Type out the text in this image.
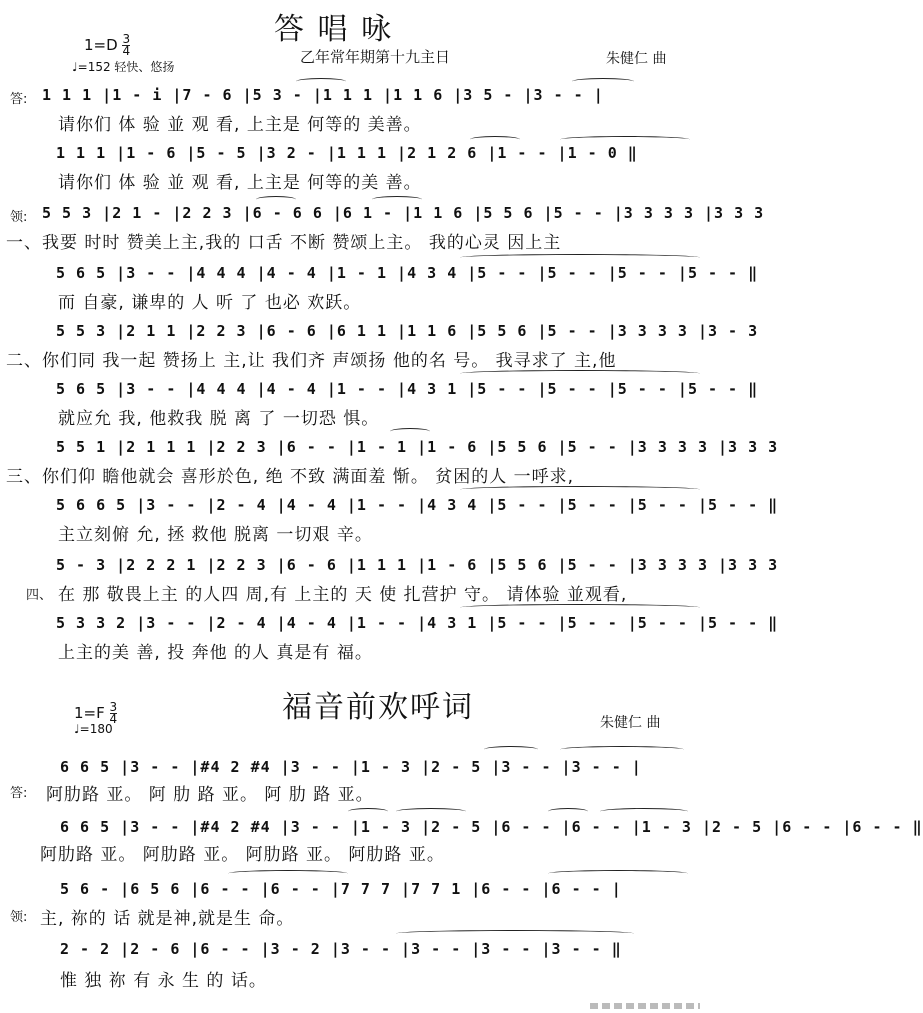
$1=D \frac{3}{4}$
♩=152 轻快、悠扬
答 唱 咏
乙年常年期第十九主日	朱健仁 曲
答: 1 1 1 |1 - i |7 - 6 |5 3 - |1 1 1 |1 1 6 |3 5 - |3 - - |
请你们 体 验 並 观 看, 上主是 何等的 美善。
1 1 1 |1 - 6 |5 - 5 |3 2 - |1 1 1 |2 1 2 6 |1 - - |1 - 0 ‖
请你们 体 验 並 观 看, 上主是 何等的美 善。
领: 5 5 3 |2 1 - |2 2 3 |6 - 6 6 |6 1 - |1 1 6 |5 5 6 |5 - - |3 3 3 3 |3 3 3
一、我要 时时 赞美上主,我的 口舌 不断 赞颂上主。 我的心灵 因上主
5 6 5 |3 - - |4 4 4 |4 - 4 |1 - 1 |4 3 4 |5 - - |5 - - |5 - - |5 - - ‖
而 自豪, 谦卑的 人 听 了 也必 欢跃。
5 5 3 |2 1 1 |2 2 3 |6 - 6 |6 1 1 |1 1 6 |5 5 6 |5 - - |3 3 3 3 |3 - 3
二、你们同 我一起 赞扬上 主,让 我们齐 声颂扬 他的名 号。 我寻求了 主,他
5 6 5 |3 - - |4 4 4 |4 - 4 |1 - - |4 3 1 |5 - - |5 - - |5 - - |5 - - ‖
就应允 我, 他救我 脱 离 了 一切恐 惧。
5 5 1 |2 1 1 1 |2 2 3 |6 - - |1 - 1 |1 - 6 |5 5 6 |5 - - |3 3 3 3 |3 3 3
三、你们仰 瞻他就会 喜形於色, 绝 不致 满面羞 惭。 贫困的人 一呼求,
5 6 6 5 |3 - - |2 - 4 |4 - 4 |1 - - |4 3 4 |5 - - |5 - - |5 - - |5 - - ‖
主立刻俯 允, 拯 救他 脱离 一切艰 辛。
四、
5 - 3 |2 2 2 1 |2 2 3 |6 - 6 |1 1 1 |1 - 6 |5 5 6 |5 - - |3 3 3 3 |3 3 3
在 那 敬畏上主 的人四 周,有 上主的 天 使 扎营护 守。 请体验 並观看,
5 3 3 2 |3 - - |2 - 4 |4 - 4 |1 - - |4 3 1 |5 - - |5 - - |5 - - |5 - - ‖
上主的美 善, 投 奔他 的人 真是有 福。
$1=F \frac{3}{4}$
♩=180
福音前欢呼词	朱健仁 曲
答:
6 6 5 |3 - - |#4 2 #4 |3 - - |1 - 3 |2 - 5 |3 - - |3 - - |
阿肋路 亚。 阿 肋 路 亚。 阿 肋 路 亚。
6 6 5 |3 - - |#4 2 #4 |3 - - |1 - 3 |2 - 5 |6 - - |6 - - |1 - 3 |2 - 5 |6 - - |6 - - ‖
阿肋路 亚。 阿肋路 亚。 阿肋路 亚。 阿肋路 亚。
领:
5 6 - |6 5 6 |6 - - |6 - - |7 7 7 |7 7 1 |6 - - |6 - - |
主, 祢的 话 就是神,就是生 命。
2 - 2 |2 - 6 |6 - - |3 - 2 |3 - - |3 - - |3 - - |3 - - ‖
惟 独 祢 有 永 生 的 话。
